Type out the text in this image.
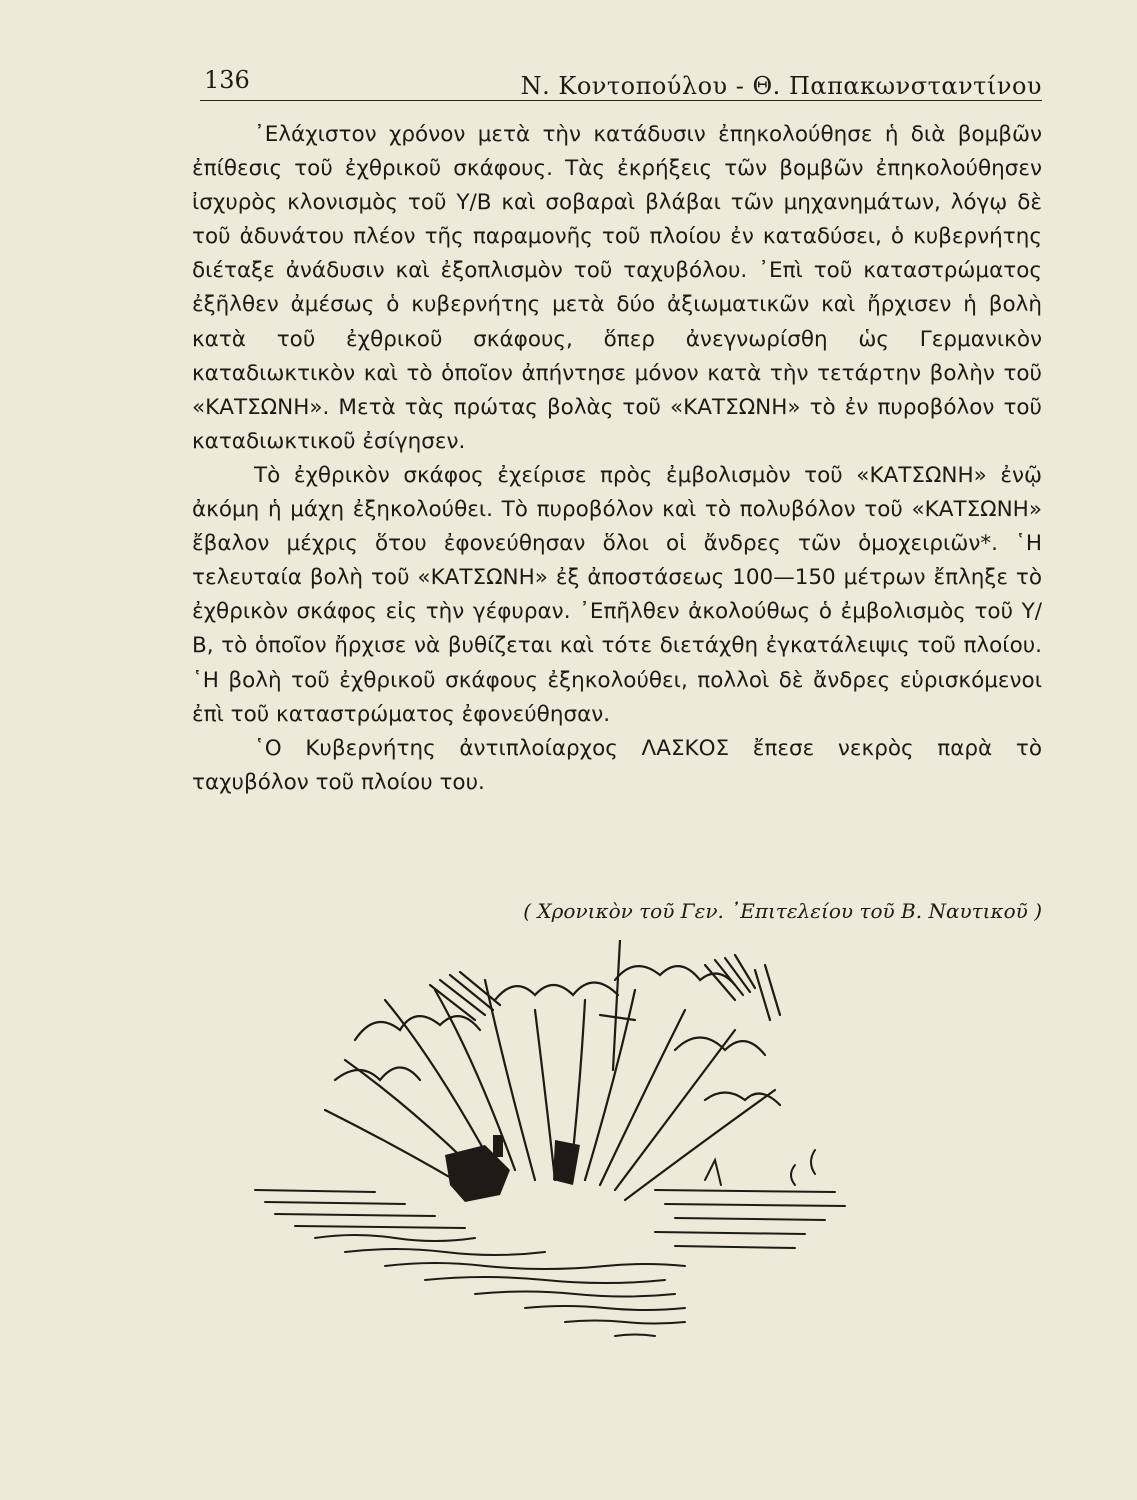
136	Ν. Κοντοπούλου - Θ. Παπακωνσταντίνου

᾽Ελάχιστον χρόνον μετὰ τὴν κατάδυσιν ἐπηκολούθησε ἡ διὰ βομβῶν ἐπίθεσις τοῦ ἐχθρικοῦ σκάφους. Τὰς ἐκρήξεις τῶν βομβῶν ἐπηκολούθησεν ἰσχυρὸς κλονισμὸς τοῦ Υ/Β καὶ σοβαραὶ βλάβαι τῶν μηχανημάτων, λόγῳ δὲ τοῦ ἀδυνάτου πλέον τῆς παραμονῆς τοῦ πλοίου ἐν καταδύσει, ὁ κυβερνήτης διέταξε ἀνάδυσιν καὶ ἐξοπλισμὸν τοῦ ταχυβόλου. ᾽Επὶ τοῦ καταστρώματος ἐξῆλθεν ἀμέσως ὁ κυβερνήτης μετὰ δύο ἀξιωματικῶν καὶ ἤρχισεν ἡ βολὴ κατὰ τοῦ ἐχθρικοῦ σκάφους, ὅπερ ἀνεγνωρίσθη ὡς Γερμανικὸν καταδιωκτικὸν καὶ τὸ ὁποῖον ἀπήντησε μόνον κατὰ τὴν τετάρτην βολὴν τοῦ «ΚΑΤΣΩΝΗ». Μετὰ τὰς πρώτας βολὰς τοῦ «ΚΑΤΣΩΝΗ» τὸ ἐν πυροβόλον τοῦ καταδιωκτικοῦ ἐσίγησεν.

Τὸ ἐχθρικὸν σκάφος ἐχείρισε πρὸς ἐμβολισμὸν τοῦ «ΚΑΤΣΩΝΗ» ἐνῷ ἀκόμη ἡ μάχη ἐξηκολούθει. Τὸ πυροβόλον καὶ τὸ πολυβόλον τοῦ «ΚΑΤΣΩΝΗ» ἔβαλον μέχρις ὅτου ἐφονεύθησαν ὅλοι οἱ ἄνδρες τῶν ὁμοχειριῶν*. ῾Η τελευταία βολὴ τοῦ «ΚΑΤΣΩΝΗ» ἐξ ἀποστάσεως 100—150 μέτρων ἔπληξε τὸ ἐχθρικὸν σκάφος εἰς τὴν γέφυραν. ᾽Επῆλθεν ἀκολούθως ὁ ἐμβολισμὸς τοῦ Υ/Β, τὸ ὁποῖον ἤρχισε νὰ βυθίζεται καὶ τότε διετάχθη ἐγκατάλειψις τοῦ πλοίου. ῾Η βολὴ τοῦ ἐχθρικοῦ σκάφους ἐξηκολούθει, πολλοὶ δὲ ἄνδρες εὑρισκόμενοι ἐπὶ τοῦ καταστρώματος ἐφονεύθησαν.

῾Ο Κυβερνήτης ἀντιπλοίαρχος ΛΑΣΚΟΣ ἔπεσε νεκρὸς παρὰ τὸ ταχυβόλον τοῦ πλοίου του.

( Χρονικὸν τοῦ Γεν. ᾽Επιτελείου τοῦ Β. Ναυτικοῦ )
